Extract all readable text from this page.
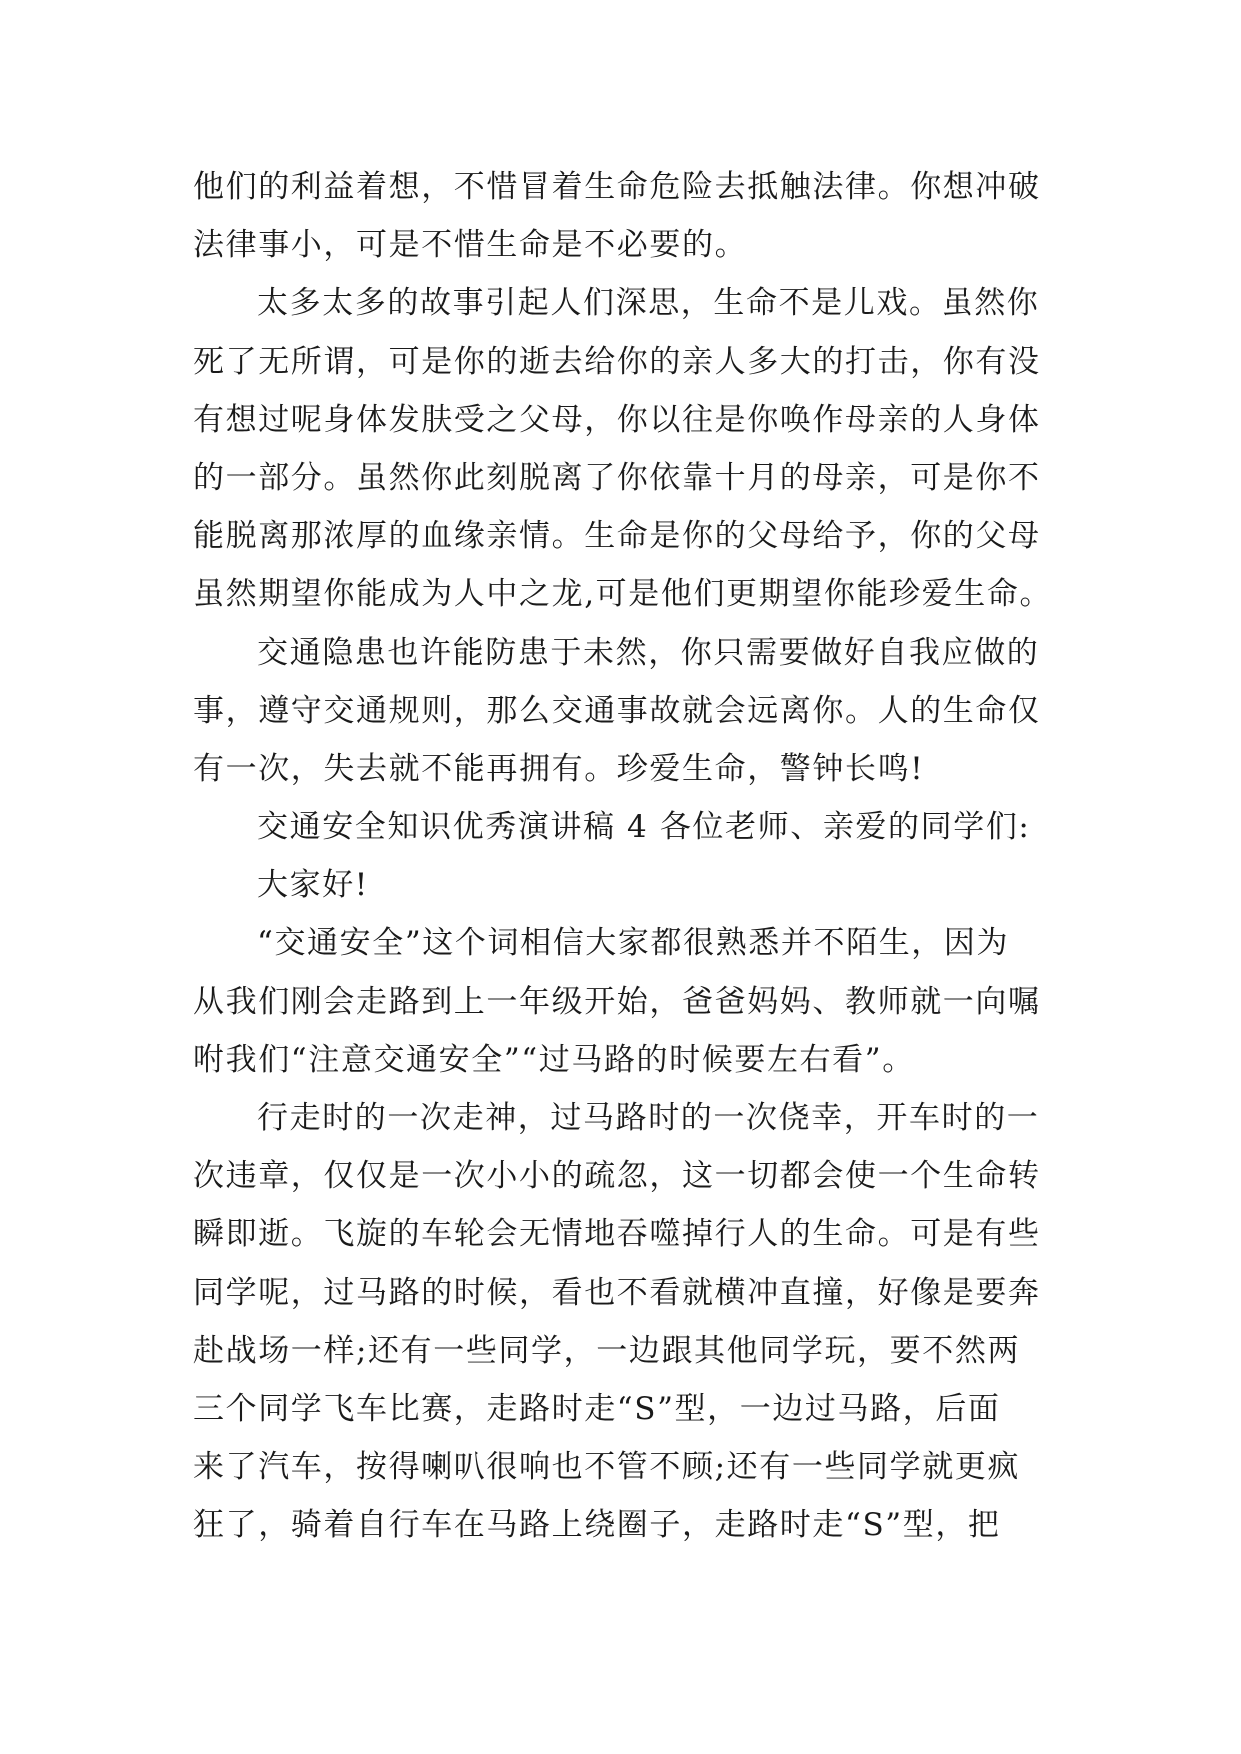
他们的利益着想，不惜冒着生命危险去抵触法律。你想冲破
法律事小，可是不惜生命是不必要的。
太多太多的故事引起人们深思，生命不是儿戏。虽然你
死了无所谓，可是你的逝去给你的亲人多大的打击，你有没
有想过呢身体发肤受之父母，你以往是你唤作母亲的人身体
的一部分。虽然你此刻脱离了你依靠十月的母亲，可是你不
能脱离那浓厚的血缘亲情。生命是你的父母给予，你的父母
虽然期望你能成为人中之龙,可是他们更期望你能珍爱生命。
交通隐患也许能防患于未然，你只需要做好自我应做的
事，遵守交通规则，那么交通事故就会远离你。人的生命仅
有一次，失去就不能再拥有。珍爱生命，警钟长鸣!
交通安全知识优秀演讲稿 4 各位老师、亲爱的同学们:
大家好!
“交通安全”这个词相信大家都很熟悉并不陌生，因为
从我们刚会走路到上一年级开始，爸爸妈妈、教师就一向嘱
咐我们“注意交通安全”“过马路的时候要左右看”。
行走时的一次走神，过马路时的一次侥幸，开车时的一
次违章，仅仅是一次小小的疏忽，这一切都会使一个生命转
瞬即逝。飞旋的车轮会无情地吞噬掉行人的生命。可是有些
同学呢，过马路的时候，看也不看就横冲直撞，好像是要奔
赴战场一样;还有一些同学，一边跟其他同学玩，要不然两
三个同学飞车比赛，走路时走“S”型，一边过马路，后面
来了汽车，按得喇叭很响也不管不顾;还有一些同学就更疯
狂了，骑着自行车在马路上绕圈子，走路时走“S”型，把
